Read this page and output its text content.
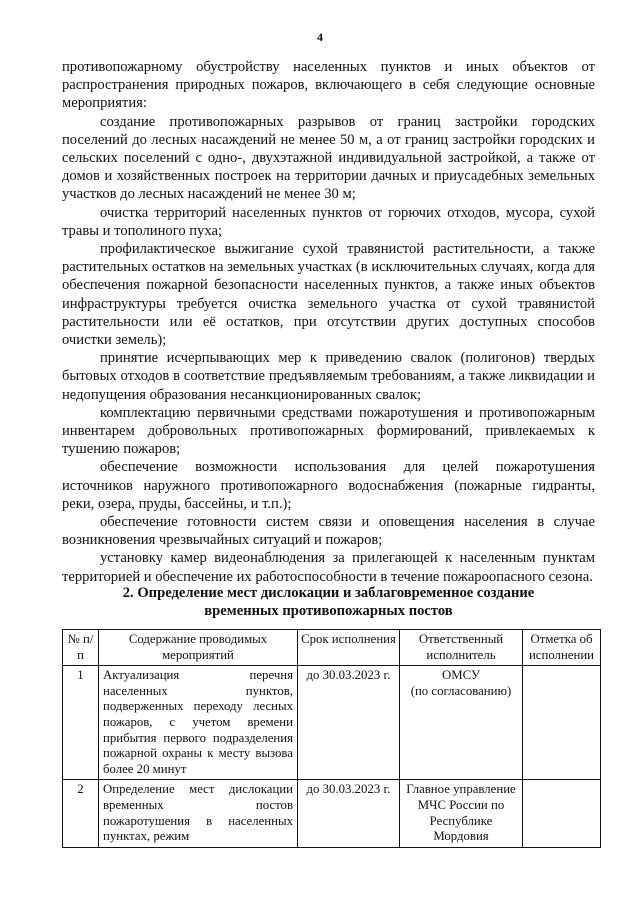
4

противопожарному обустройству населенных пунктов и иных объектов от распространения природных пожаров, включающего в себя следующие основные мероприятия:

создание противопожарных разрывов от границ застройки городских поселений до лесных насаждений не менее 50 м, а от границ застройки городских и сельских поселений с одно-, двухэтажной индивидуальной застройкой, а также от домов и хозяйственных построек на территории дачных и приусадебных земельных участков до лесных насаждений не менее 30 м;

очистка территорий населенных пунктов от горючих отходов, мусора, сухой травы и тополиного пуха;

профилактическое выжигание сухой травянистой растительности, а также растительных остатков на земельных участках (в исключительных случаях, когда для обеспечения пожарной безопасности населенных пунктов, а также иных объектов инфраструктуры требуется очистка земельного участка от сухой травянистой растительности или её остатков, при отсутствии других доступных способов очистки земель);

принятие исчерпывающих мер к приведению свалок (полигонов) твердых бытовых отходов в соответствие предъявляемым требованиям, а также ликвидации и недопущения образования несанкционированных свалок;

комплектацию первичными средствами пожаротушения и противопожарным инвентарем добровольных противопожарных формирований, привлекаемых к тушению пожаров;

обеспечение возможности использования для целей пожаротушения источников наружного противопожарного водоснабжения (пожарные гидранты, реки, озера, пруды, бассейны, и т.п.);

обеспечение готовности систем связи и оповещения населения в случае возникновения чрезвычайных ситуаций и пожаров;

установку камер видеонаблюдения за прилегающей к населенным пунктам территорией и обеспечение их работоспособности в течение пожароопасного сезона.

2. Определение мест дислокации и заблаговременное создание
временных противопожарных постов
№ п/п	Содержание проводимых мероприятий	Срок исполнения	Ответственный исполнитель	Отметка об исполнении
1	Актуализация перечня населенных пунктов, подверженных переходу лесных пожаров, с учетом времени прибытия первого подразделения пожарной охраны к месту вызова более 20 минут	до 30.03.2023 г.	ОМСУ
(по согласованию)	

2	Определение мест дислокации временных постов пожаротушения в населенных пунктах, режим	до 30.03.2023 г.	Главное управление МЧС России по Республике Мордовия	
